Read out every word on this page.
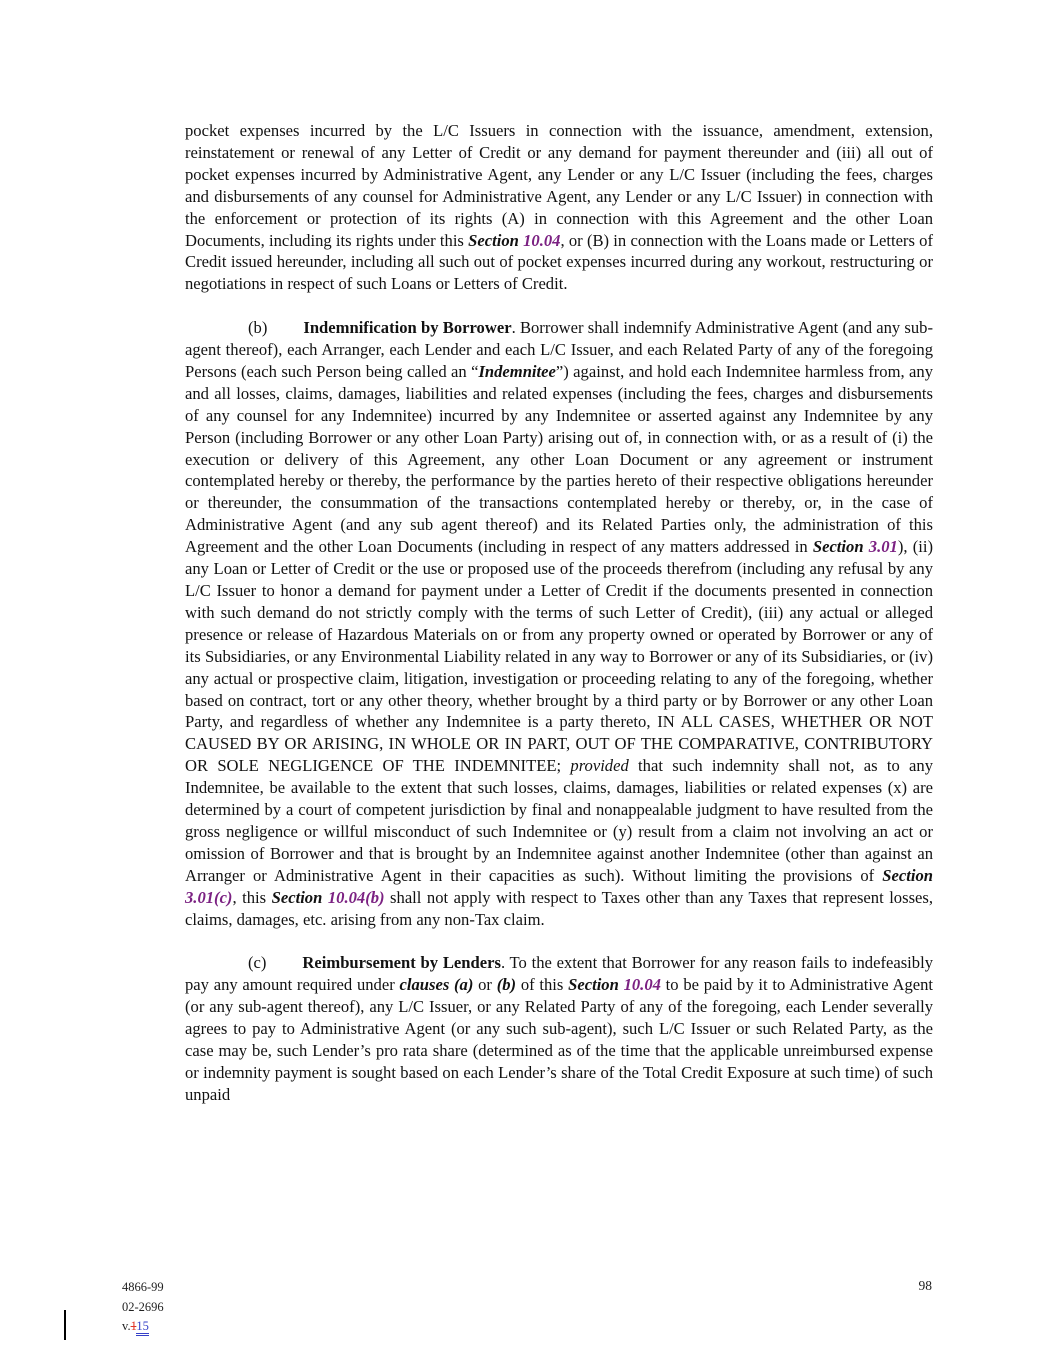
pocket expenses incurred by the L/C Issuers in connection with the issuance, amendment, extension, reinstatement or renewal of any Letter of Credit or any demand for payment thereunder and (iii) all out of pocket expenses incurred by Administrative Agent, any Lender or any L/C Issuer (including the fees, charges and disbursements of any counsel for Administrative Agent, any Lender or any L/C Issuer) in connection with the enforcement or protection of its rights (A) in connection with this Agreement and the other Loan Documents, including its rights under this Section 10.04, or (B) in connection with the Loans made or Letters of Credit issued hereunder, including all such out of pocket expenses incurred during any workout, restructuring or negotiations in respect of such Loans or Letters of Credit.

(b) Indemnification by Borrower. Borrower shall indemnify Administrative Agent (and any sub-agent thereof), each Arranger, each Lender and each L/C Issuer, and each Related Party of any of the foregoing Persons (each such Person being called an “Indemnitee”) against, and hold each Indemnitee harmless from, any and all losses, claims, damages, liabilities and related expenses (including the fees, charges and disbursements of any counsel for any Indemnitee) incurred by any Indemnitee or asserted against any Indemnitee by any Person (including Borrower or any other Loan Party) arising out of, in connection with, or as a result of (i) the execution or delivery of this Agreement, any other Loan Document or any agreement or instrument contemplated hereby or thereby, the performance by the parties hereto of their respective obligations hereunder or thereunder, the consummation of the transactions contemplated hereby or thereby, or, in the case of Administrative Agent (and any sub agent thereof) and its Related Parties only, the administration of this Agreement and the other Loan Documents (including in respect of any matters addressed in Section 3.01), (ii) any Loan or Letter of Credit or the use or proposed use of the proceeds therefrom (including any refusal by any L/C Issuer to honor a demand for payment under a Letter of Credit if the documents presented in connection with such demand do not strictly comply with the terms of such Letter of Credit), (iii) any actual or alleged presence or release of Hazardous Materials on or from any property owned or operated by Borrower or any of its Subsidiaries, or any Environmental Liability related in any way to Borrower or any of its Subsidiaries, or (iv) any actual or prospective claim, litigation, investigation or proceeding relating to any of the foregoing, whether based on contract, tort or any other theory, whether brought by a third party or by Borrower or any other Loan Party, and regardless of whether any Indemnitee is a party thereto, IN ALL CASES, WHETHER OR NOT CAUSED BY OR ARISING, IN WHOLE OR IN PART, OUT OF THE COMPARATIVE, CONTRIBUTORY OR SOLE NEGLIGENCE OF THE INDEMNITEE; provided that such indemnity shall not, as to any Indemnitee, be available to the extent that such losses, claims, damages, liabilities or related expenses (x) are determined by a court of competent jurisdiction by final and nonappealable judgment to have resulted from the gross negligence or willful misconduct of such Indemnitee or (y) result from a claim not involving an act or omission of Borrower and that is brought by an Indemnitee against another Indemnitee (other than against an Arranger or Administrative Agent in their capacities as such). Without limiting the provisions of Section 3.01(c), this Section 10.04(b) shall not apply with respect to Taxes other than any Taxes that represent losses, claims, damages, etc. arising from any non-Tax claim.

(c) Reimbursement by Lenders. To the extent that Borrower for any reason fails to indefeasibly pay any amount required under clauses (a) or (b) of this Section 10.04 to be paid by it to Administrative Agent (or any sub-agent thereof), any L/C Issuer, or any Related Party of any of the foregoing, each Lender severally agrees to pay to Administrative Agent (or any such sub-agent), such L/C Issuer or such Related Party, as the case may be, such Lender’s pro rata share (determined as of the time that the applicable unreimbursed expense or indemnity payment is sought based on each Lender’s share of the Total Credit Exposure at such time) of such unpaid

4866-99
02-2696
v.115
98
